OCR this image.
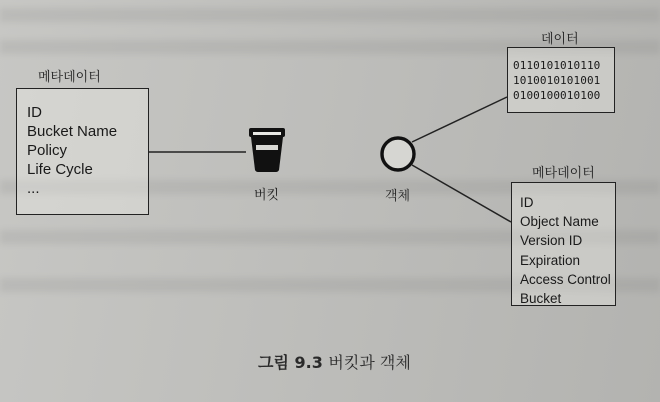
메타데이터
ID
Bucket Name
Policy
Life Cycle
...	버킷	객체
데이터
0110101010110
1010010101001
0100100010100
메타데이터
ID
Object Name
Version ID
Expiration
Access Control
Bucket
그림 9.3 버킷과 객체
